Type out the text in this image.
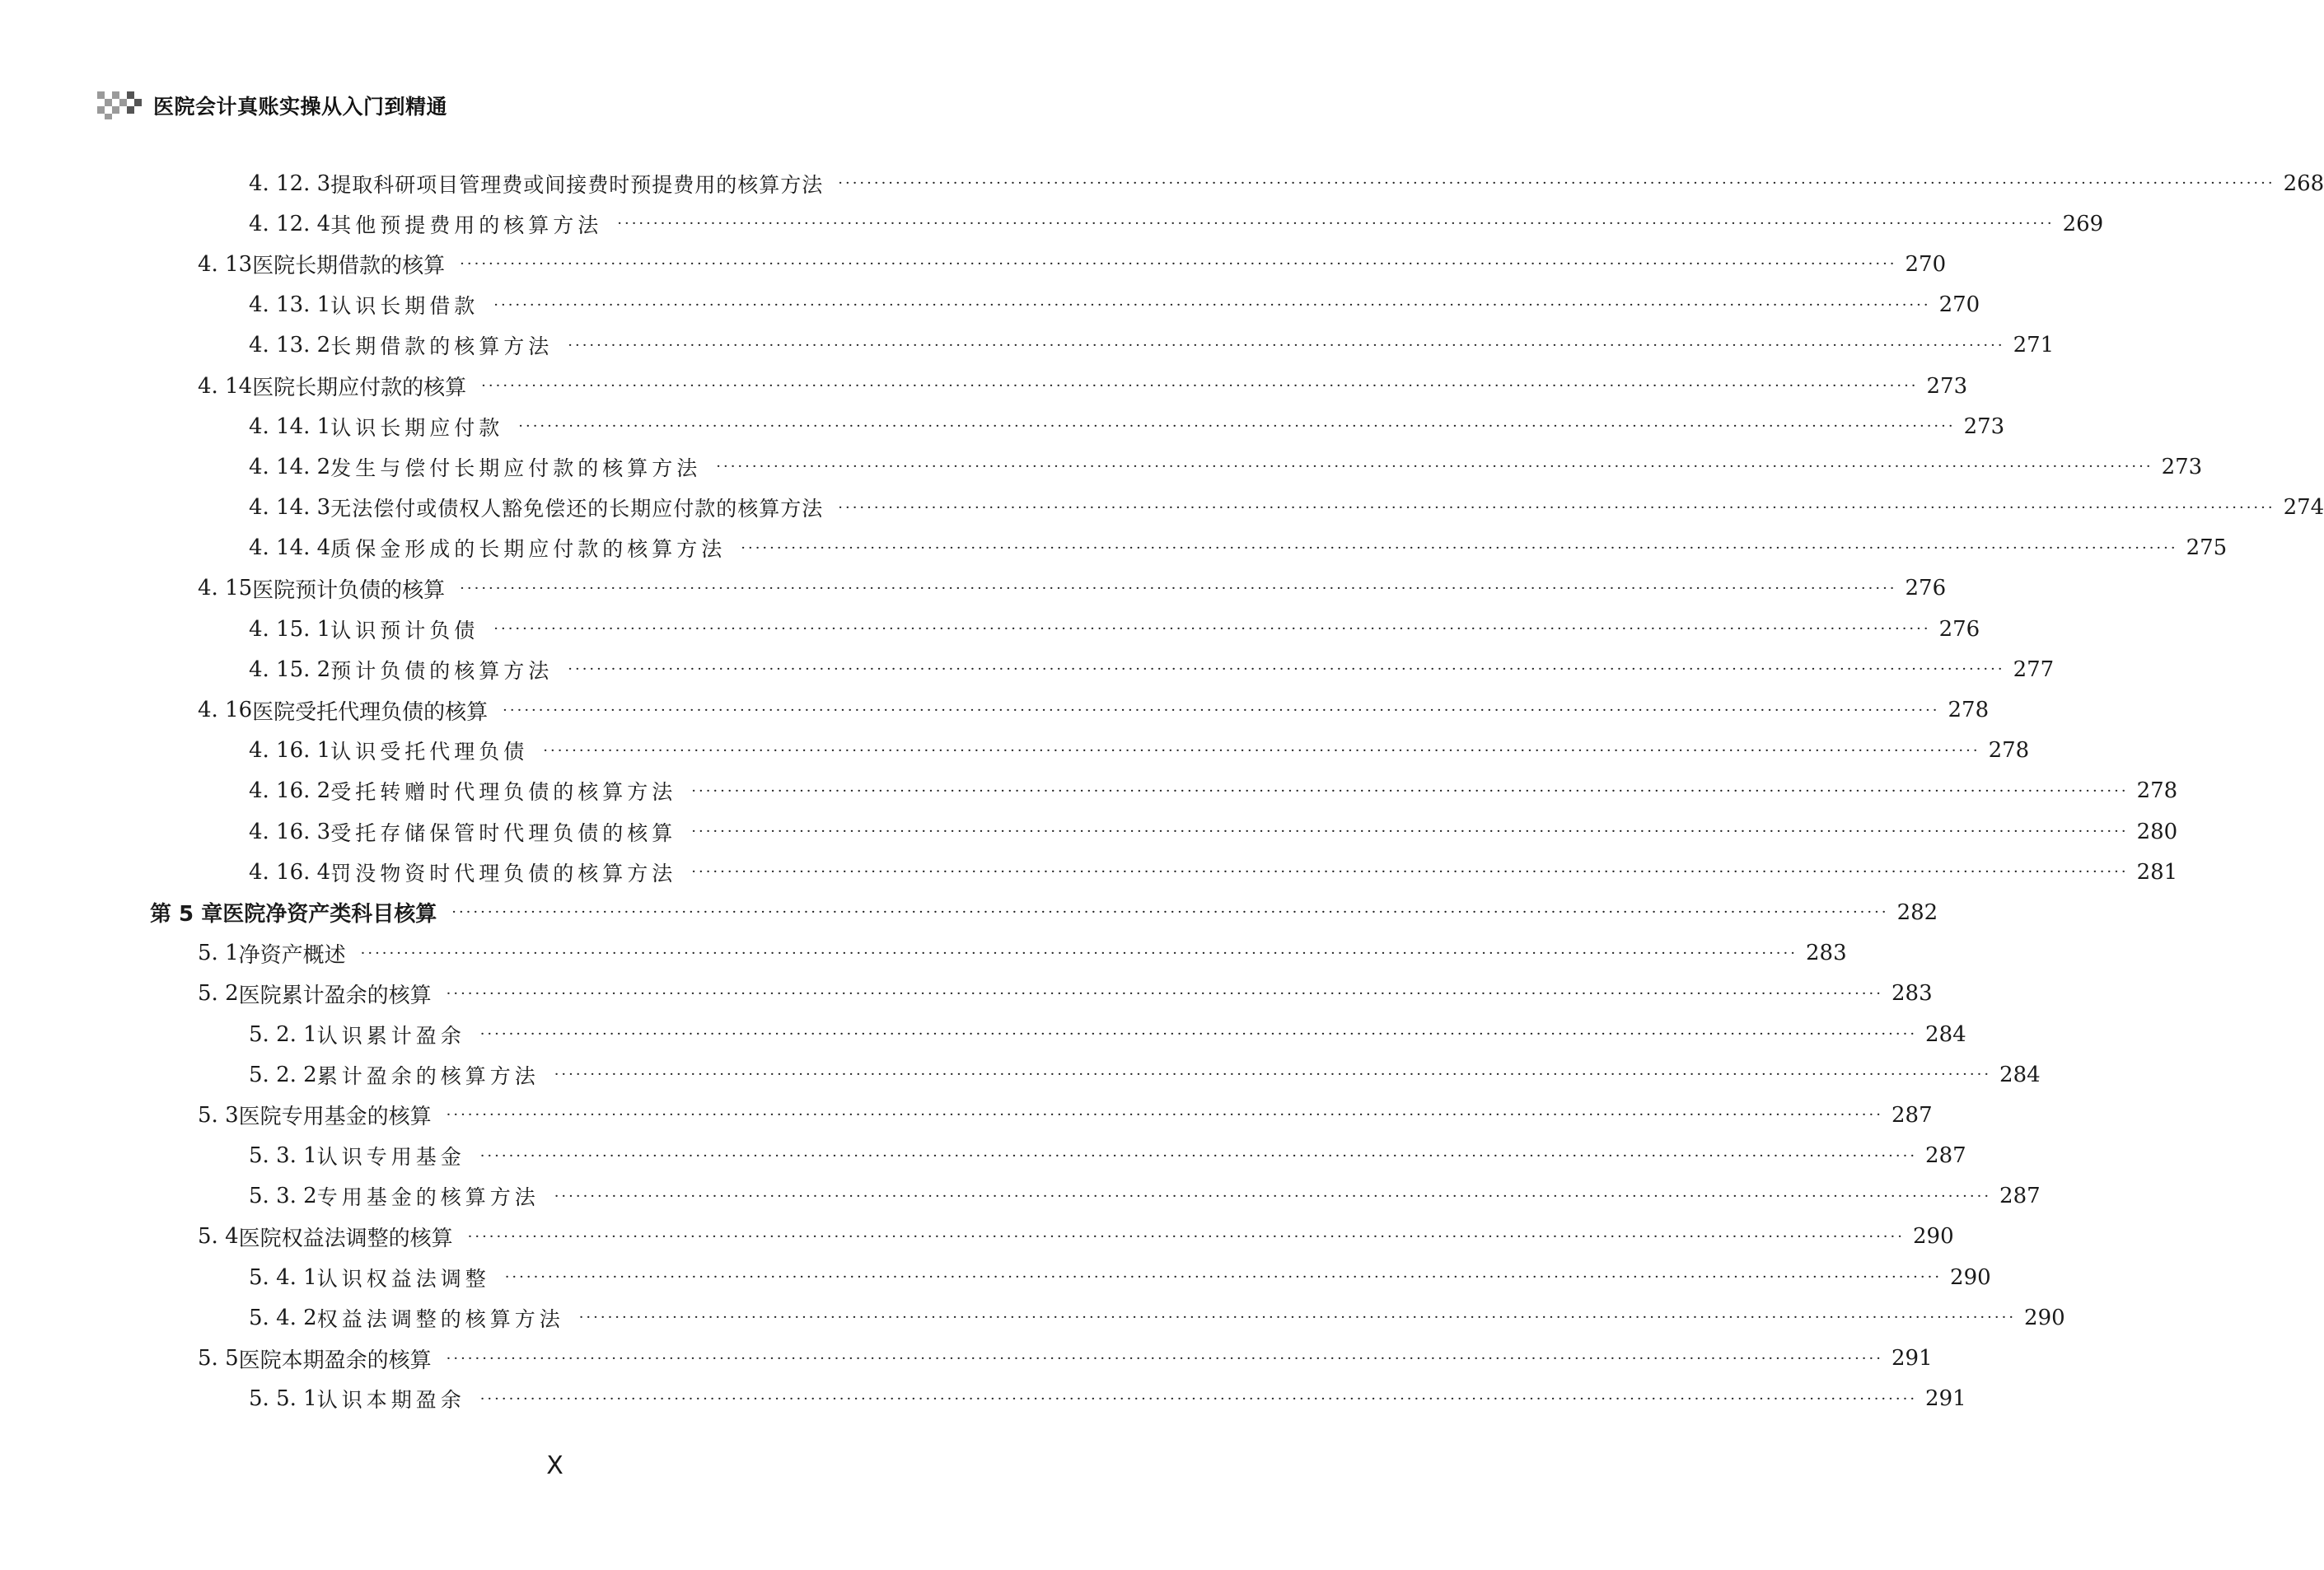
医院会计真账实操从入门到精通
4. 12. 3 提取科研项目管理费或间接费时预提费用的核算方法 ········································································································································································································ 268
4. 12. 4 其他预提费用的核算方法 ········································································································································································································ 269
4. 13 医院长期借款的核算 ········································································································································································································ 270
4. 13. 1 认识长期借款 ········································································································································································································ 270
4. 13. 2 长期借款的核算方法 ········································································································································································································ 271
4. 14 医院长期应付款的核算 ········································································································································································································ 273
4. 14. 1 认识长期应付款 ········································································································································································································ 273
4. 14. 2 发生与偿付长期应付款的核算方法 ········································································································································································································ 273
4. 14. 3 无法偿付或债权人豁免偿还的长期应付款的核算方法 ········································································································································································································ 274
4. 14. 4 质保金形成的长期应付款的核算方法 ········································································································································································································ 275
4. 15 医院预计负债的核算 ········································································································································································································ 276
4. 15. 1 认识预计负债 ········································································································································································································ 276
4. 15. 2 预计负债的核算方法 ········································································································································································································ 277
4. 16 医院受托代理负债的核算 ········································································································································································································ 278
4. 16. 1 认识受托代理负债 ········································································································································································································ 278
4. 16. 2 受托转赠时代理负债的核算方法 ········································································································································································································ 278
4. 16. 3 受托存储保管时代理负债的核算 ········································································································································································································ 280
4. 16. 4 罚没物资时代理负债的核算方法 ········································································································································································································ 281
第 5 章 医院净资产类科目核算 ········································································································································································································ 282
5. 1 净资产概述 ········································································································································································································ 283
5. 2 医院累计盈余的核算 ········································································································································································································ 283
5. 2. 1 认识累计盈余 ········································································································································································································ 284
5. 2. 2 累计盈余的核算方法 ········································································································································································································ 284
5. 3 医院专用基金的核算 ········································································································································································································ 287
5. 3. 1 认识专用基金 ········································································································································································································ 287
5. 3. 2 专用基金的核算方法 ········································································································································································································ 287
5. 4 医院权益法调整的核算 ········································································································································································································ 290
5. 4. 1 认识权益法调整 ········································································································································································································ 290
5. 4. 2 权益法调整的核算方法 ········································································································································································································ 290
5. 5 医院本期盈余的核算 ········································································································································································································ 291
5. 5. 1 认识本期盈余 ········································································································································································································ 291
X
